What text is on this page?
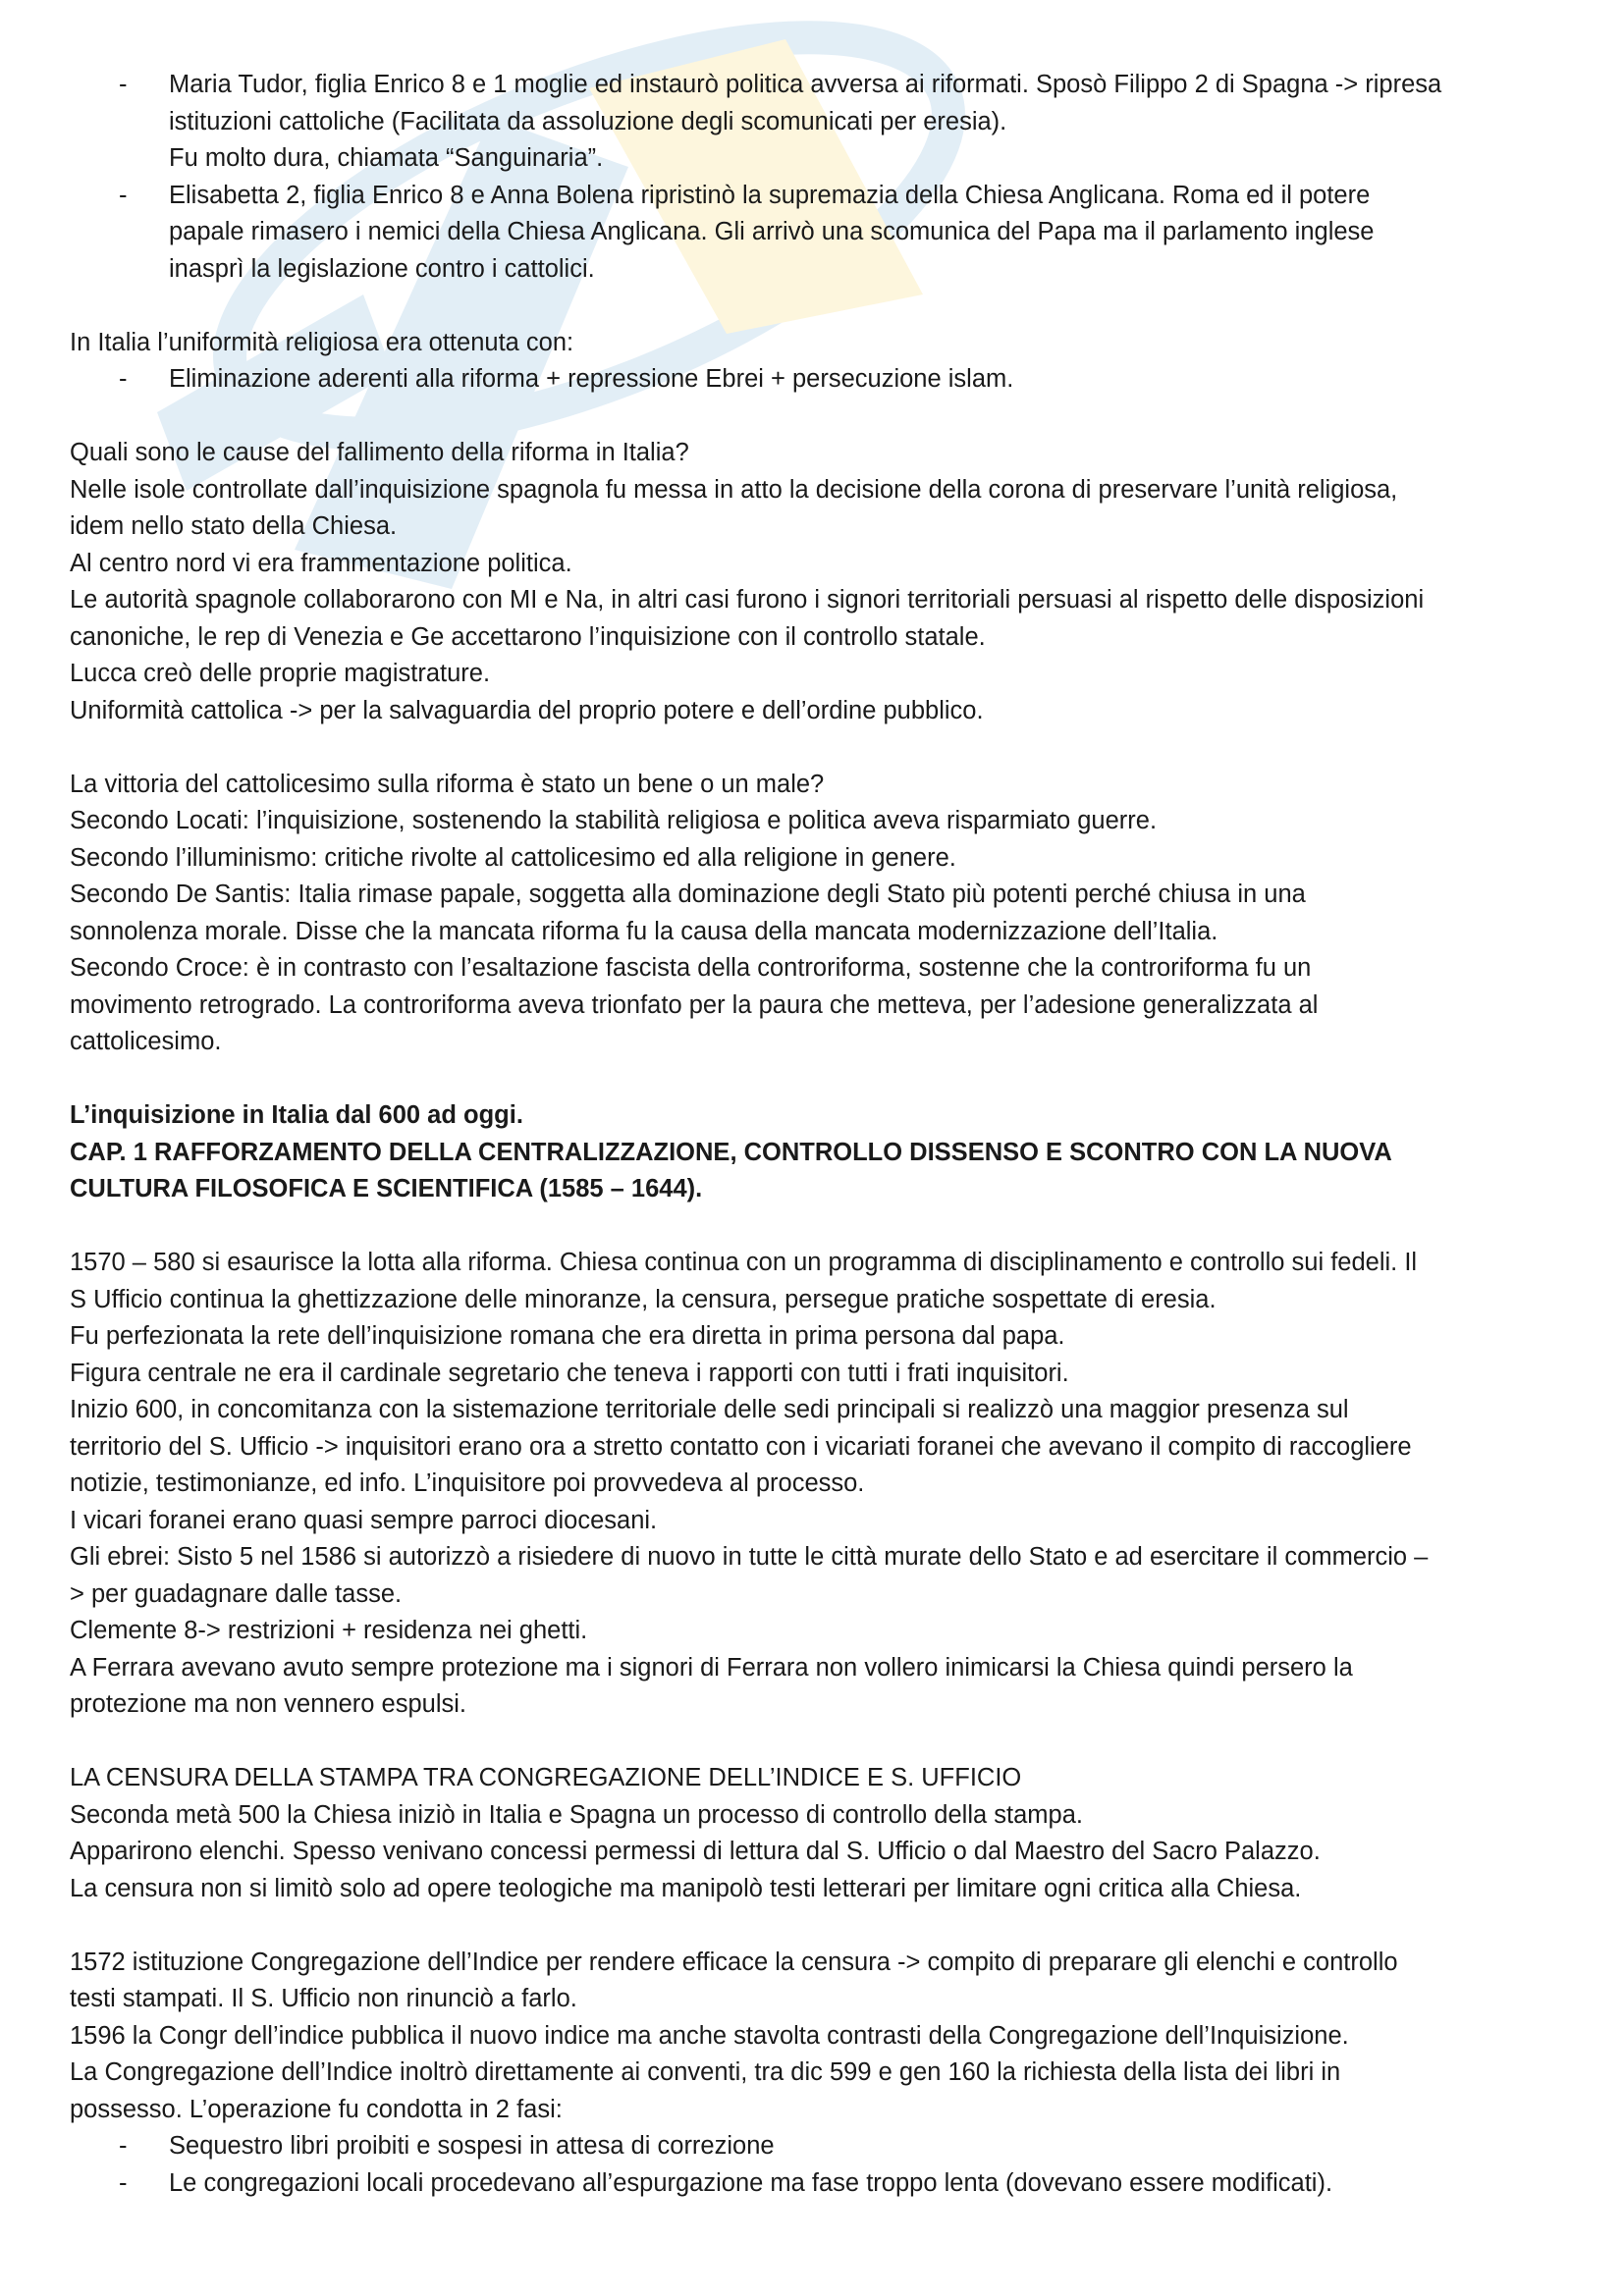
- Maria Tudor, figlia Enrico 8 e 1 moglie ed instaurò politica avversa ai riformati. Sposò Filippo 2 di Spagna -> ripresa
istituzioni cattoliche (Facilitata da assoluzione degli scomunicati per eresia).
Fu molto dura, chiamata “Sanguinaria”.
- Elisabetta 2, figlia Enrico 8 e Anna Bolena ripristinò la supremazia della Chiesa Anglicana. Roma ed il potere
papale rimasero i nemici della Chiesa Anglicana. Gli arrivò una scomunica del Papa ma il parlamento inglese
inasprì la legislazione contro i cattolici.

In Italia l’uniformità religiosa era ottenuta con:

- Eliminazione aderenti alla riforma + repressione Ebrei + persecuzione islam.

Quali sono le cause del fallimento della riforma in Italia?

Nelle isole controllate dall’inquisizione spagnola fu messa in atto la decisione della corona di preservare l’unità religiosa,

idem nello stato della Chiesa.

Al centro nord vi era frammentazione politica.

Le autorità spagnole collaborarono con MI e Na, in altri casi furono i signori territoriali persuasi al rispetto delle disposizioni

canoniche, le rep di Venezia e Ge accettarono l’inquisizione con il controllo statale.

Lucca creò delle proprie magistrature.

Uniformità cattolica -> per la salvaguardia del proprio potere e dell’ordine pubblico.

La vittoria del cattolicesimo sulla riforma è stato un bene o un male?

Secondo Locati: l’inquisizione, sostenendo la stabilità religiosa e politica aveva risparmiato guerre.

Secondo l’illuminismo: critiche rivolte al cattolicesimo ed alla religione in genere.

Secondo De Santis: Italia rimase papale, soggetta alla dominazione degli Stato più potenti perché chiusa in una

sonnolenza morale. Disse che la mancata riforma fu la causa della mancata modernizzazione dell’Italia.

Secondo Croce: è in contrasto con l’esaltazione fascista della controriforma, sostenne che la controriforma fu un

movimento retrogrado. La controriforma aveva trionfato per la paura che metteva, per l’adesione generalizzata al

cattolicesimo.

L’inquisizione in Italia dal 600 ad oggi.

CAP. 1 RAFFORZAMENTO DELLA CENTRALIZZAZIONE, CONTROLLO DISSENSO E SCONTRO CON LA NUOVA

CULTURA FILOSOFICA E SCIENTIFICA (1585 – 1644).

1570 – 580 si esaurisce la lotta alla riforma. Chiesa continua con un programma di disciplinamento e controllo sui fedeli. Il

S Ufficio continua la ghettizzazione delle minoranze, la censura, persegue pratiche sospettate di eresia.

Fu perfezionata la rete dell’inquisizione romana che era diretta in prima persona dal papa.

Figura centrale ne era il cardinale segretario che teneva i rapporti con tutti i frati inquisitori.

Inizio 600, in concomitanza con la sistemazione territoriale delle sedi principali si realizzò una maggior presenza sul

territorio del S. Ufficio -> inquisitori erano ora a stretto contatto con i vicariati foranei che avevano il compito di raccogliere

notizie, testimonianze, ed info. L’inquisitore poi provvedeva al processo.

I vicari foranei erano quasi sempre parroci diocesani.

Gli ebrei: Sisto 5 nel 1586 si autorizzò a risiedere di nuovo in tutte le città murate dello Stato e ad esercitare il commercio –

> per guadagnare dalle tasse.

Clemente 8-> restrizioni + residenza nei ghetti.

A Ferrara avevano avuto sempre protezione ma i signori di Ferrara non vollero inimicarsi la Chiesa quindi persero la

protezione ma non vennero espulsi.

LA CENSURA DELLA STAMPA TRA CONGREGAZIONE DELL’INDICE E S. UFFICIO

Seconda metà 500 la Chiesa iniziò in Italia e Spagna un processo di controllo della stampa.

Apparirono elenchi. Spesso venivano concessi permessi di lettura dal S. Ufficio o dal Maestro del Sacro Palazzo.

La censura non si limitò solo ad opere teologiche ma manipolò testi letterari per limitare ogni critica alla Chiesa.

1572 istituzione Congregazione dell’Indice per rendere efficace la censura -> compito di preparare gli elenchi e controllo

testi stampati. Il S. Ufficio non rinunciò a farlo.

1596 la Congr dell’indice pubblica il nuovo indice ma anche stavolta contrasti della Congregazione dell’Inquisizione.

La Congregazione dell’Indice inoltrò direttamente ai conventi, tra dic 599 e gen 160 la richiesta della lista dei libri in

possesso. L’operazione fu condotta in 2 fasi:

- Sequestro libri proibiti e sospesi in attesa di correzione
- Le congregazioni locali procedevano all’espurgazione ma fase troppo lenta (dovevano essere modificati).
